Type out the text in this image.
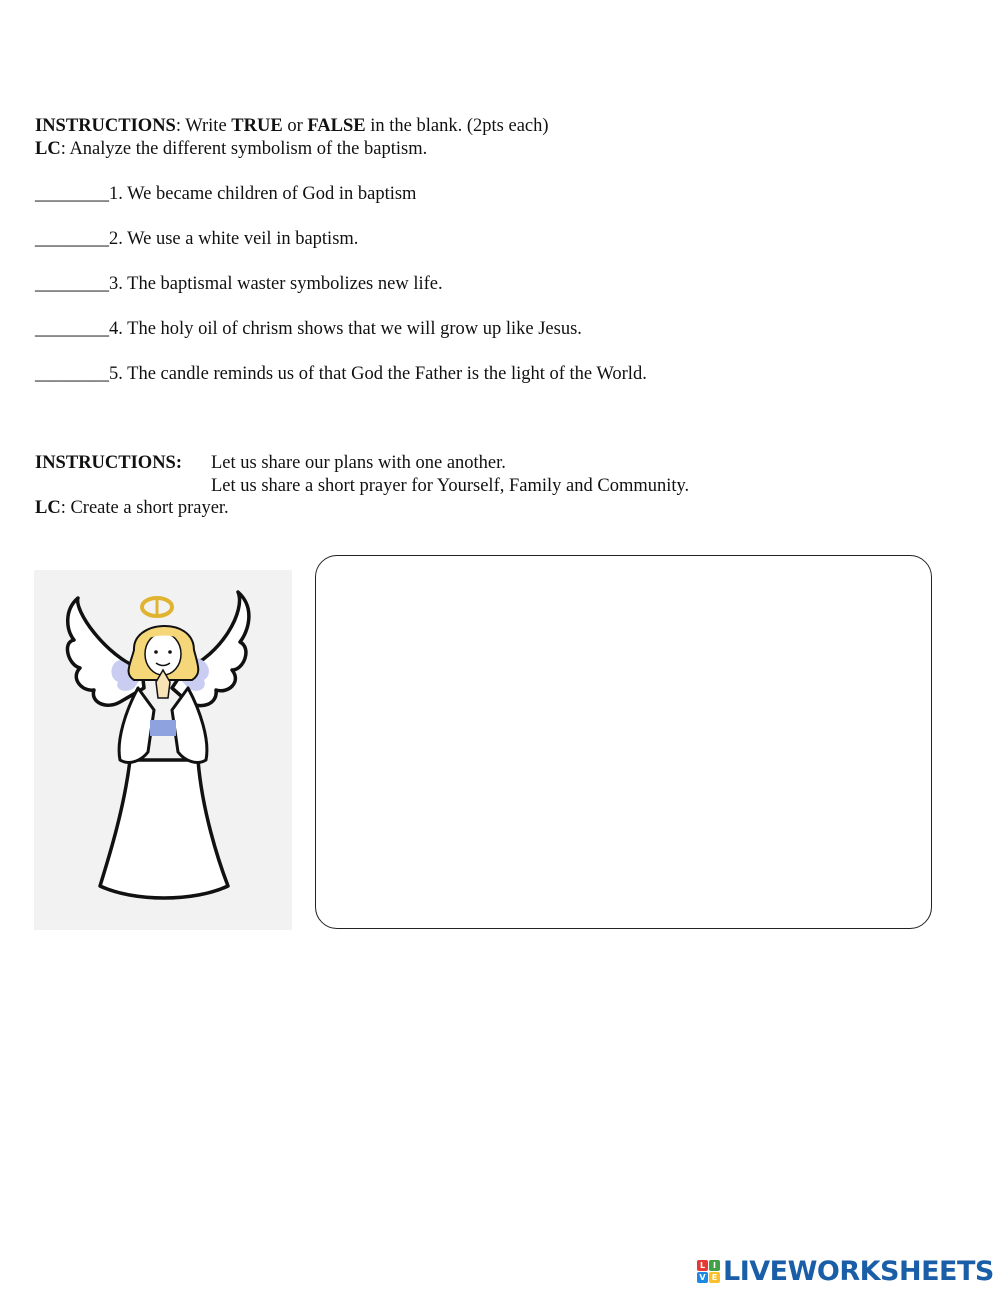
INSTRUCTIONS: Write TRUE or FALSE in the blank. (2pts each)
LC: Analyze the different symbolism of the baptism.
________1. We became children of God in baptism
________2. We use a white veil in baptism.
________3. The baptismal waster symbolizes new life.
________4. The holy oil of chrism shows that we will grow up like Jesus.
________5. The candle reminds us of that God the Father is the light of the World.
INSTRUCTIONS: Let us share our plans with one another.
Let us share a short prayer for Yourself, Family and Community.
LC: Create a short prayer.
L I
V E LIVEWORKSHEETS
